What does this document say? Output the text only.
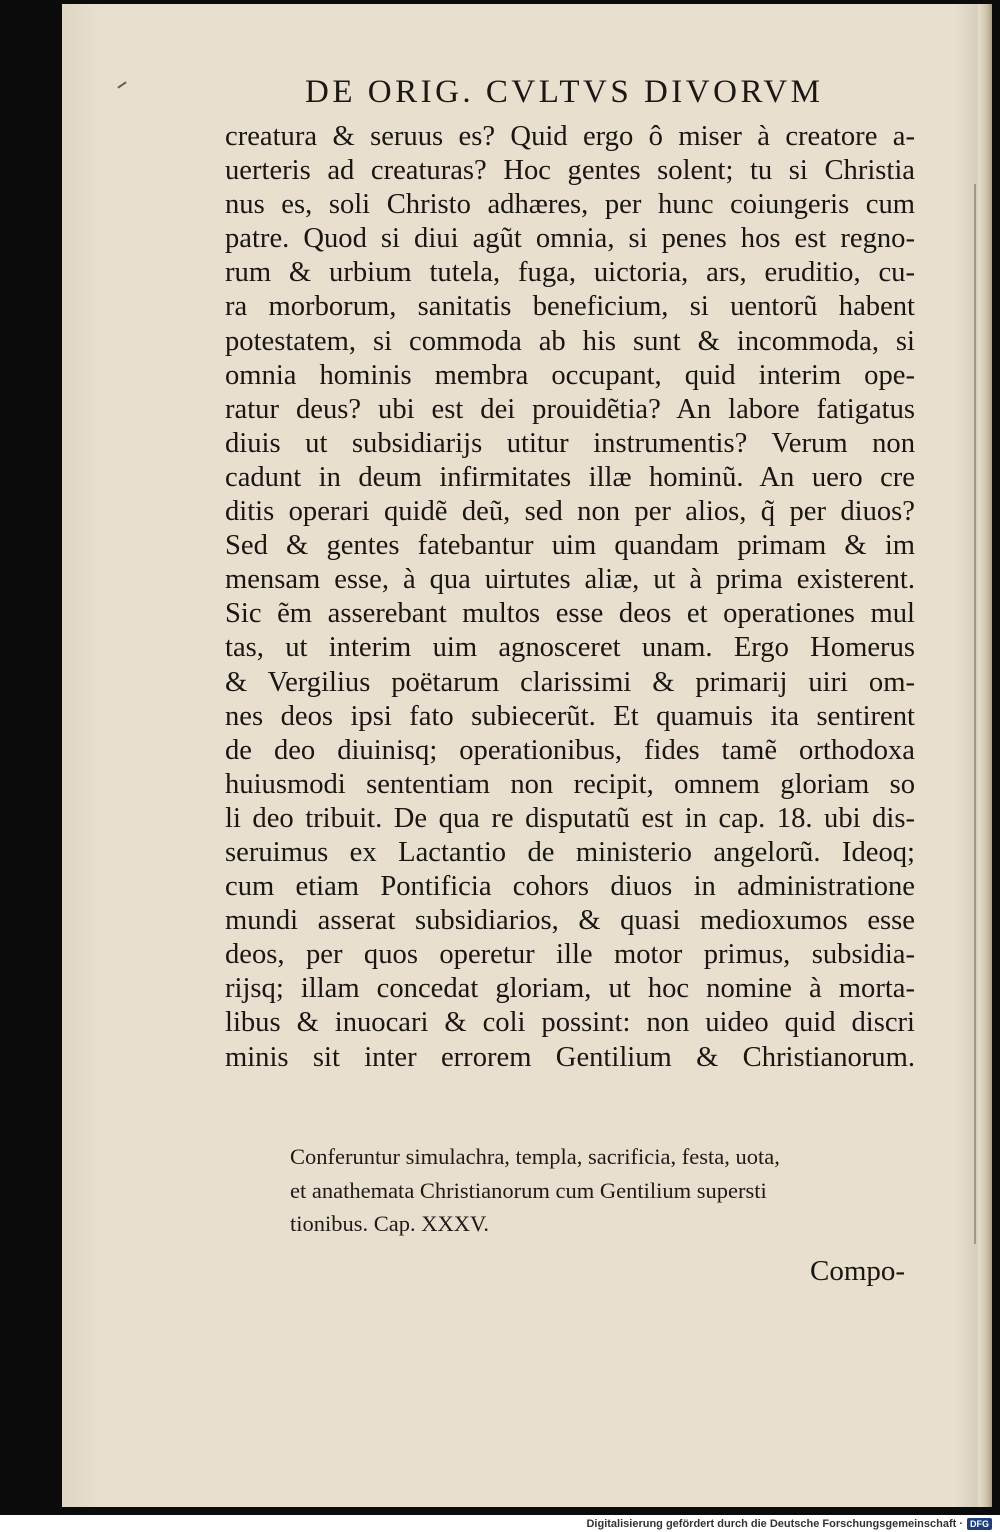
DE ORIG. CVLTVS DIVORVM
creatura & seruus es? Quid ergo ô miser à creatore a-
uerteris ad creaturas? Hoc gentes solent; tu si Christia
nus es, soli Christo adhæres, per hunc coiungeris cum
patre. Quod si diui agũt omnia, si penes hos est regno-
rum & urbium tutela, fuga, uictoria, ars, eruditio, cu-
ra morborum, sanitatis beneficium, si uentorũ habent
potestatem, si commoda ab his sunt & incommoda, si
omnia hominis membra occupant, quid interim ope-
ratur deus? ubi est dei prouidẽtia? An labore fatigatus
diuis ut subsidiarijs utitur instrumentis? Verum non
cadunt in deum infirmitates illæ hominũ. An uero cre
ditis operari quidẽ deũ, sed non per alios, q̃ per diuos?
Sed & gentes fatebantur uim quandam primam & im
mensam esse, à qua uirtutes aliæ, ut à prima existerent.
Sic ẽm asserebant multos esse deos et operationes mul
tas, ut interim uim agnosceret unam. Ergo Homerus
& Vergilius poëtarum clarissimi & primarij uiri om-
nes deos ipsi fato subiecerũt. Et quamuis ita sentirent
de deo diuinisq; operationibus, fides tamẽ orthodoxa
huiusmodi sententiam non recipit, omnem gloriam so
li deo tribuit. De qua re disputatũ est in cap. 18. ubi dis-
seruimus ex Lactantio de ministerio angelorũ. Ideoq;
cum etiam Pontificia cohors diuos in administratione
mundi asserat subsidiarios, & quasi medioxumos esse
deos, per quos operetur ille motor primus, subsidia-
rijsq; illam concedat gloriam, ut hoc nomine à morta-
libus & inuocari & coli possint: non uideo quid discri
minis sit inter errorem Gentilium & Christianorum.
Conferuntur simulachra, templa, sacrificia, festa, uota,
et anathemata Christianorum cum Gentilium supersti
tionibus. Cap. XXXV.
Compo-
Digitalisierung gefördert durch die Deutsche Forschungsgemeinschaft · DFG
